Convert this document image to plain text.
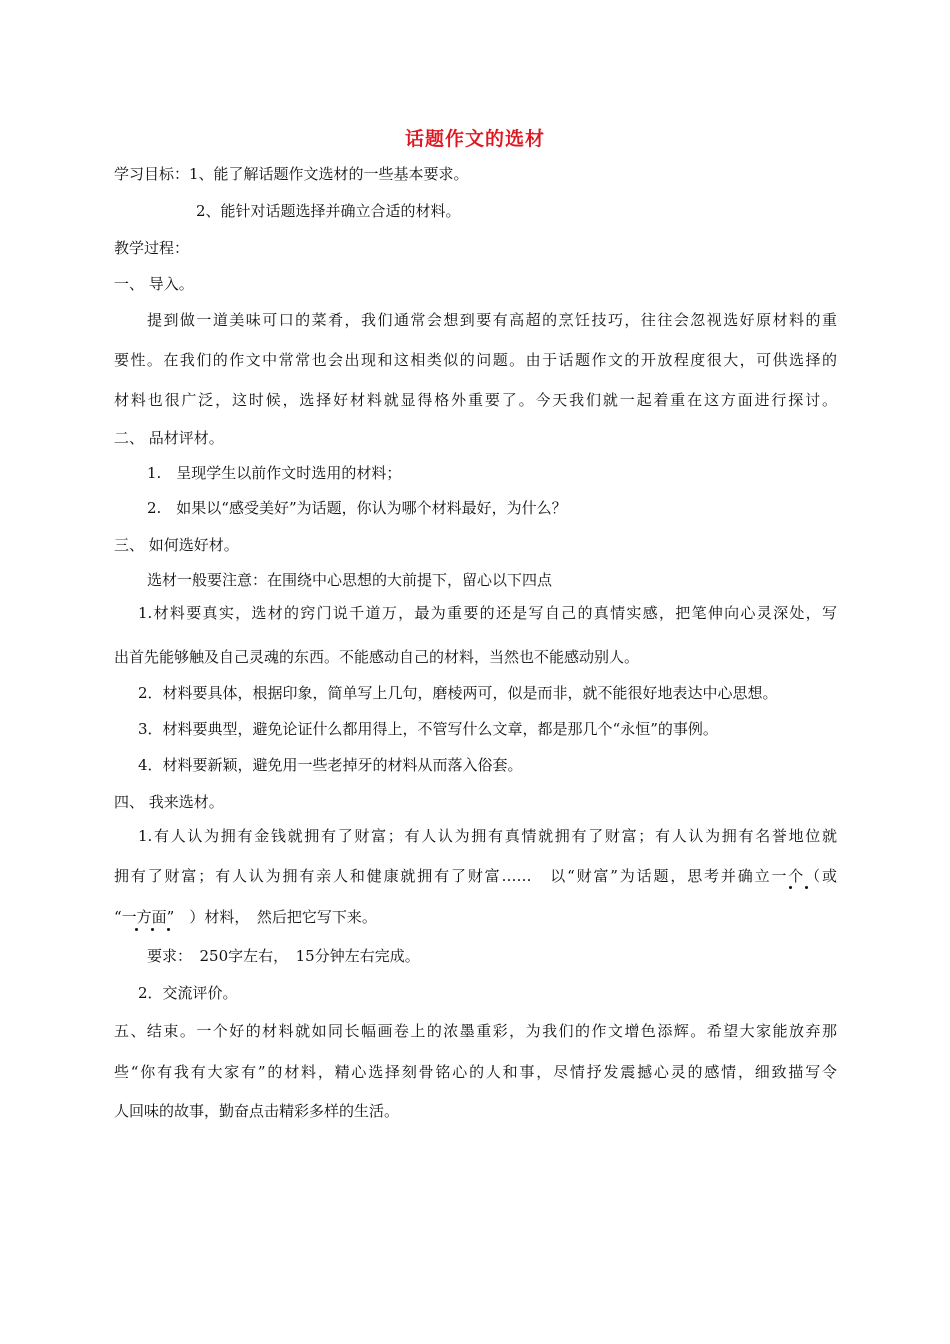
话题作文的选材
学习目标：1、能了解话题作文选材的一些基本要求。
2、能针对话题选择并确立合适的材料。
教学过程：
一、 导入。
提到做一道美味可口的菜肴，我们通常会想到要有高超的烹饪技巧，往往会忽视选好原材料的重
要性。在我们的作文中常常也会出现和这相类似的问题。由于话题作文的开放程度很大，可供选择的
材料也很广泛，这时候，选择好材料就显得格外重要了。今天我们就一起着重在这方面进行探讨。
二、 品材评材。
1.　呈现学生以前作文时选用的材料；
2.　如果以“感受美好”为话题，你认为哪个材料最好，为什么？
三、 如何选好材。
选材一般要注意：在围绕中心思想的大前提下，留心以下四点
1.材料要真实，选材的窍门说千道万，最为重要的还是写自己的真情实感，把笔伸向心灵深处，写
出首先能够触及自己灵魂的东西。不能感动自己的材料，当然也不能感动别人。
2．材料要具体，根据印象，简单写上几句，磨棱两可，似是而非，就不能很好地表达中心思想。
3．材料要典型，避免论证什么都用得上，不管写什么文章，都是那几个“永恒”的事例。
4．材料要新颖，避免用一些老掉牙的材料从而落入俗套。
四、 我来选材。
1.有人认为拥有金钱就拥有了财富；有人认为拥有真情就拥有了财富；有人认为拥有名誉地位就
拥有了财富；有人认为拥有亲人和健康就拥有了财富……　以“财富”为话题，思考并确立一个（或
“一方面”　）材料，　然后把它写下来。
要求：　250字左右，　15分钟左右完成。
2．交流评价。
五、结束。一个好的材料就如同长幅画卷上的浓墨重彩，为我们的作文增色添辉。希望大家能放弃那
些“你有我有大家有”的材料，精心选择刻骨铭心的人和事，尽情抒发震撼心灵的感情，细致描写令
人回味的故事，勤奋点击精彩多样的生活。
